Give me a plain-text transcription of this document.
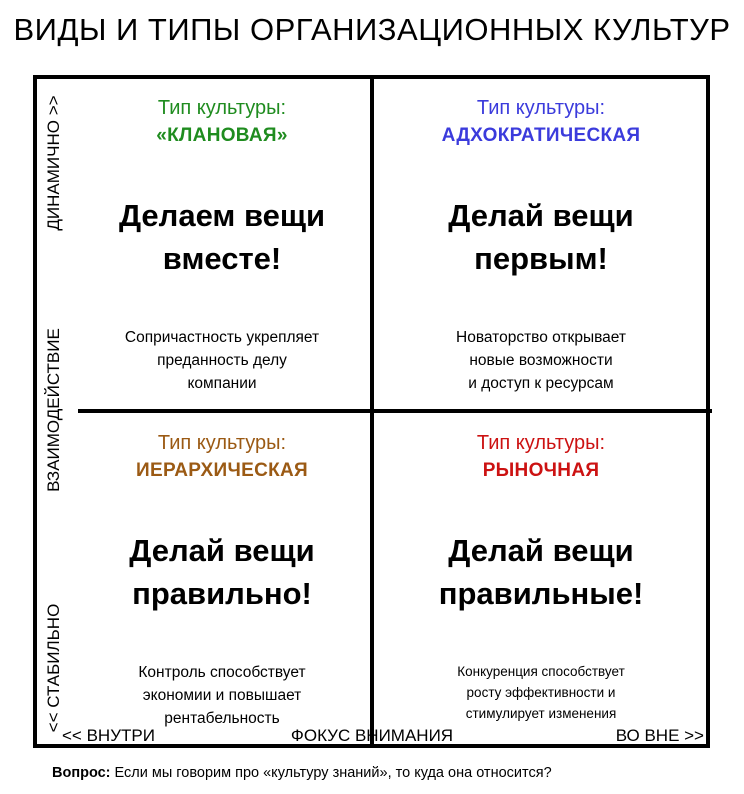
ВИДЫ И ТИПЫ ОРГАНИЗАЦИОННЫХ КУЛЬТУР
Тип культуры:
«КЛАНОВАЯ»
Делаем вещи
вместе!
Сопричастность укрепляет
преданность делу
компании
Тип культуры:
АДХОКРАТИЧЕСКАЯ
Делай вещи
первым!
Новаторство открывает
новые возможности
и доступ к ресурсам
Тип культуры:
ИЕРАРХИЧЕСКАЯ
Делай вещи
правильно!
Контроль способствует
экономии и повышает
рентабельность
Тип культуры:
РЫНОЧНАЯ
Делай вещи
правильные!
Конкуренция способствует
росту эффективности и
стимулирует изменения
ДИНАМИЧНО >>
ВЗАИМОДЕЙСТВИЕ
<< СТАБИЛЬНО
ФОКУС ВНИМАНИЯ
<< ВНУТРИ	ВО ВНЕ >>
Вопрос: Если мы говорим про «культуру знаний», то куда она относится?
